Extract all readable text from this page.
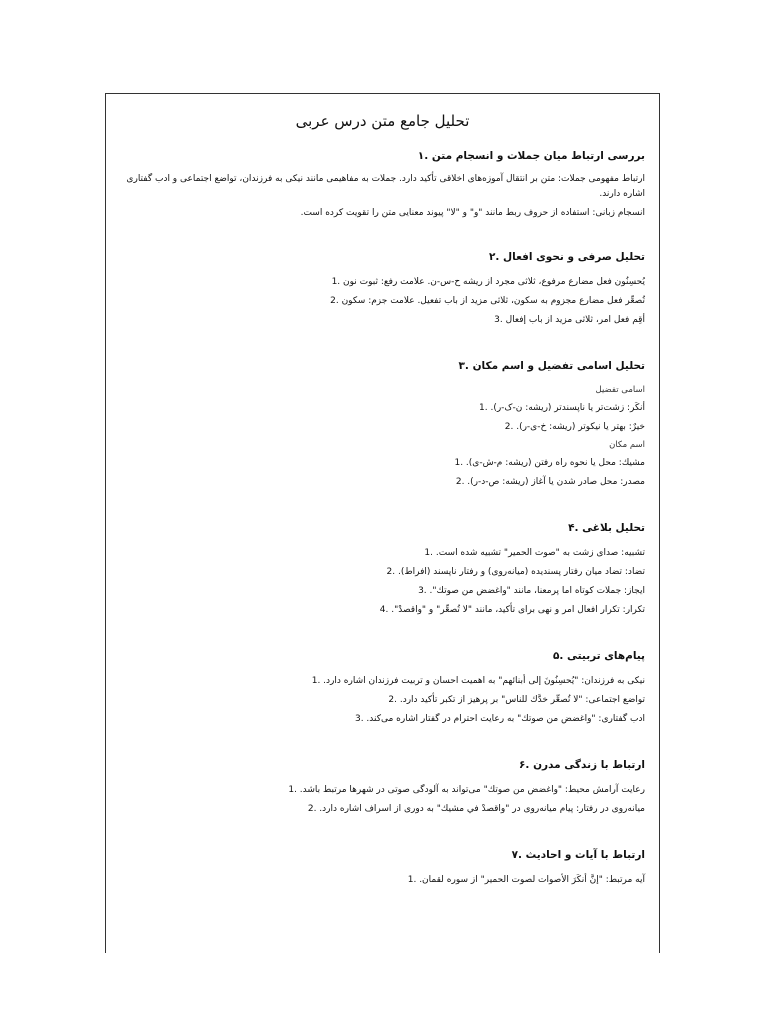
تحلیل جامع متن درس عربی
بررسی ارتباط میان جملات و انسجام متن .۱

ارتباط مفهومی جملات: متن بر انتقال آموزه‌های اخلاقی تأکید دارد. جملات به مفاهیمی مانند نیکی به فرزندان، تواضع اجتماعی و ادب گفتاری اشاره دارند.

انسجام زبانی: استفاده از حروف ربط مانند "و" و "لا" پیوند معنایی متن را تقویت کرده است.

تحلیل صرفی و نحوی افعال .۲

يُحسِنُون فعل مضارع مرفوع، ثلاثی مجرد از ریشه ح-س-ن. علامت رفع: ثبوت نون .1

تُصعِّر فعل مضارع مجزوم به سکون، ثلاثی مزید از باب تفعیل. علامت جزم: سکون .2

أقِم فعل امر، ثلاثی مزید از باب إفعال .3

تحلیل اسامی تفضیل و اسم مکان .۳
اسامی تفضیل

أنكَر: زشت‌تر یا ناپسندتر (ریشه: ن-ک-ر). .1

خيرٌ: بهتر یا نیکوتر (ریشه: خ-ی-ر). .2

اسم مکان

مشيك: محل یا نحوه راه رفتن (ریشه: م-ش-ی). .1

مصدر: محل صادر شدن یا آغاز (ریشه: ص-د-ر). .2

تحلیل بلاغی .۴

تشبیه: صدای زشت به "صوت الحمیر" تشبیه شده است. .1

تضاد: تضاد میان رفتار پسندیده (میانه‌روی) و رفتار ناپسند (افراط). .2

ایجاز: جملات کوتاه اما پرمعنا، مانند "واغضض من صوتك". .3

تکرار: تکرار افعال امر و نهی برای تأکید، مانند "لا تُصعِّر" و "واقصدْ". .4

پیام‌های تربیتی .۵

نیکی به فرزندان: "يُحسِنُونَ إلى أبنائهم" به اهمیت احسان و تربیت فرزندان اشاره دارد. .1

تواضع اجتماعی: "لا تُصعِّر خدَّك للناس" بر پرهیز از تکبر تأکید دارد. .2

ادب گفتاری: "واغضض من صوتك" به رعایت احترام در گفتار اشاره می‌کند. .3

ارتباط با زندگی مدرن .۶

رعایت آرامش محیط: "واغضض من صوتك" می‌تواند به آلودگی صوتی در شهرها مرتبط باشد. .1

میانه‌روی در رفتار: پیام میانه‌روی در "واقصدْ في مشيك" به دوری از اسراف اشاره دارد. .2

ارتباط با آیات و احادیث .۷

آیه مرتبط: "إنَّ أنكَرَ الأصوات لصوت الحمير" از سوره لقمان. .1
